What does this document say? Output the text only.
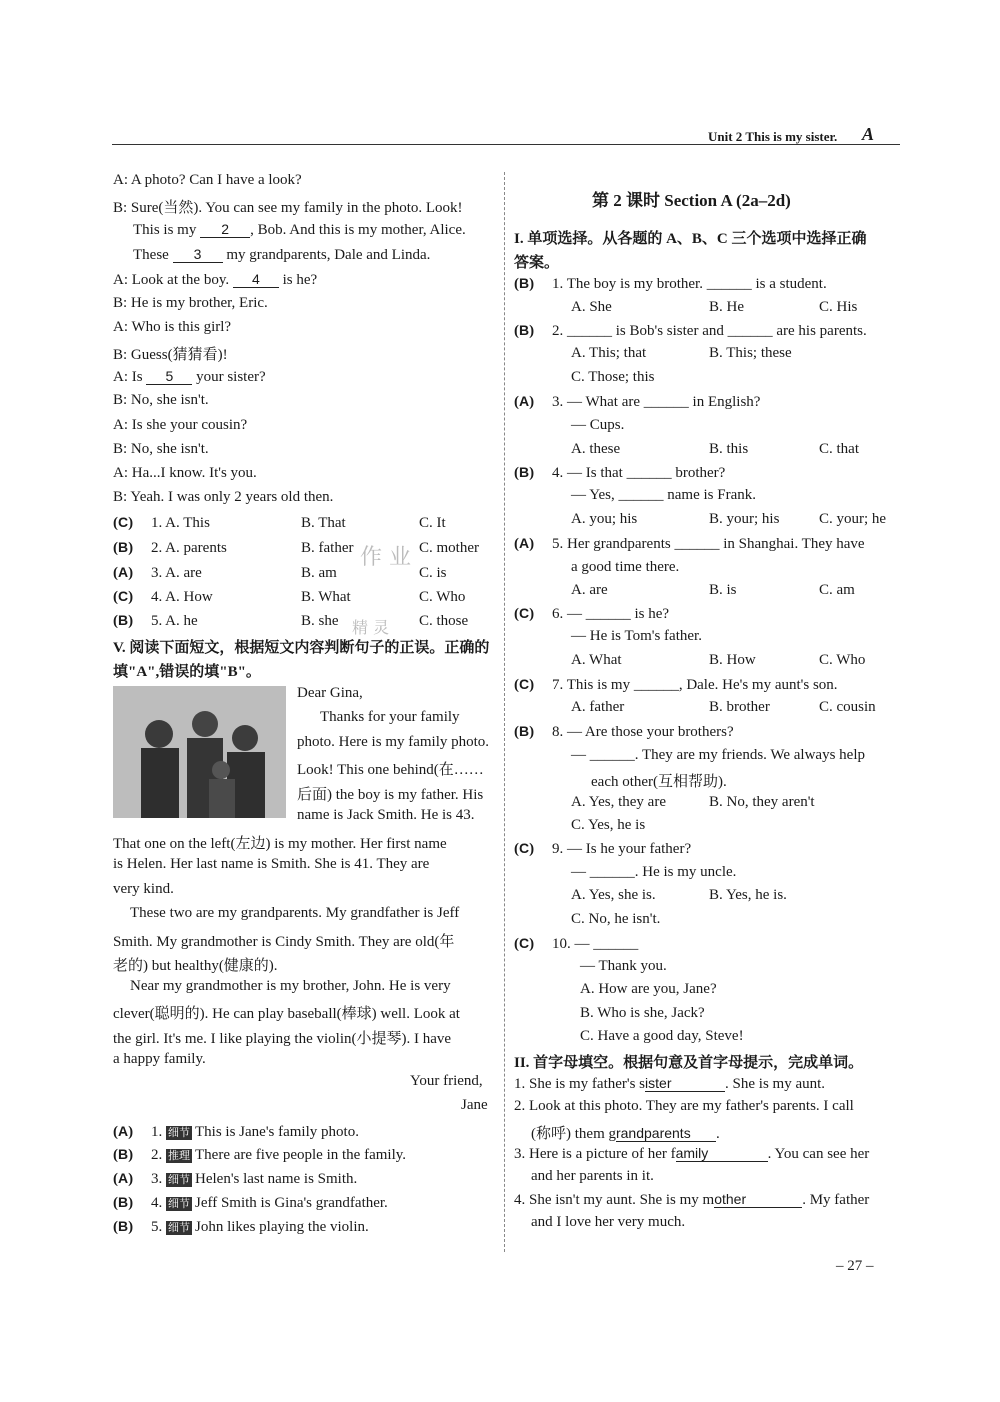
Unit 2 This is my sister. A
A: A photo? Can I have a look?
B: Sure(当然). You can see my family in the photo. Look!
This is my 2 , Bob. And this is my mother, Alice.
These 3 my grandparents, Dale and Linda.
A: Look at the boy. 4 is he?
B: He is my brother, Eric.
A: Who is this girl?
B: Guess(猜猜看)!
A: Is 5 your sister?
B: No, she isn't.
A: Is she your cousin?
B: No, she isn't.
A: Ha...I know. It's you.
B: Yeah. I was only 2 years old then.
(C) 1. A. This	B. That	C. It
(B) 2. A. parents	B. father	C. mother
(A) 3. A. are	B. am	C. is
(C) 4. A. How	B. What	C. Who
(B) 5. A. he	B. she	C. those
作 业
精 灵
V. 阅读下面短文，根据短文内容判断句子的正误。正确的填"A",错误的填"B"。
Dear Gina,
Thanks for your family
photo. Here is my family photo.
Look! This one behind(在……
后面) the boy is my father. His
name is Jack Smith. He is 43.
That one on the left(左边) is my mother. Her first name
is Helen. Her last name is Smith. She is 41. They are
very kind.
These two are my grandparents. My grandfather is Jeff
Smith. My grandmother is Cindy Smith. They are old(年
老的) but healthy(健康的).
Near my grandmother is my brother, John. He is very
clever(聪明的). He can play baseball(棒球) well. Look at
the girl. It's me. I like playing the violin(小提琴). I have
a happy family.
Your friend,
Jane
(A) 1. 细节 This is Jane's family photo.
(B) 2. 推理 There are five people in the family.
(A) 3. 细节 Helen's last name is Smith.
(B) 4. 细节 Jeff Smith is Gina's grandfather.
(B) 5. 细节 John likes playing the violin.
第 2 课时 Section A (2a–2d)
I. 单项选择。从各题的 A、B、C 三个选项中选择正确
答案。
(B) 1. The boy is my brother. ______ is a student.
A. She	B. He	C. His
(B) 2. ______ is Bob's sister and ______ are his parents.
A. This; that	B. This; these
C. Those; this
(A) 3. — What are ______ in English?
— Cups.
A. these	B. this	C. that
(B) 4. — Is that ______ brother?
— Yes, ______ name is Frank.
A. you; his	B. your; his	C. your; he
(A) 5. Her grandparents ______ in Shanghai. They have
a good time there.
A. are	B. is	C. am
(C) 6. — ______ is he?
— He is Tom's father.
A. What	B. How	C. Who
(C) 7. This is my ______, Dale. He's my aunt's son.
A. father	B. brother	C. cousin
(B) 8. — Are those your brothers?
— ______. They are my friends. We always help
each other(互相帮助).
A. Yes, they are	B. No, they aren't
C. Yes, he is
(C) 9. — Is he your father?
— ______. He is my uncle.
A. Yes, she is.	B. Yes, he is.
C. No, he isn't.
(C) 10. — ______
— Thank you.
A. How are you, Jane?
B. Who is she, Jack?
C. Have a good day, Steve!
II. 首字母填空。根据句意及首字母提示，完成单词。
1. She is my father's sister	. She is my aunt.
2. Look at this photo. They are my father's parents. I call
(称呼) them grandparents .
3. Here is a picture of her family	. You can see her
and her parents in it.
4. She isn't my aunt. She is my mother	. My father
and I love her very much.
– 27 –
